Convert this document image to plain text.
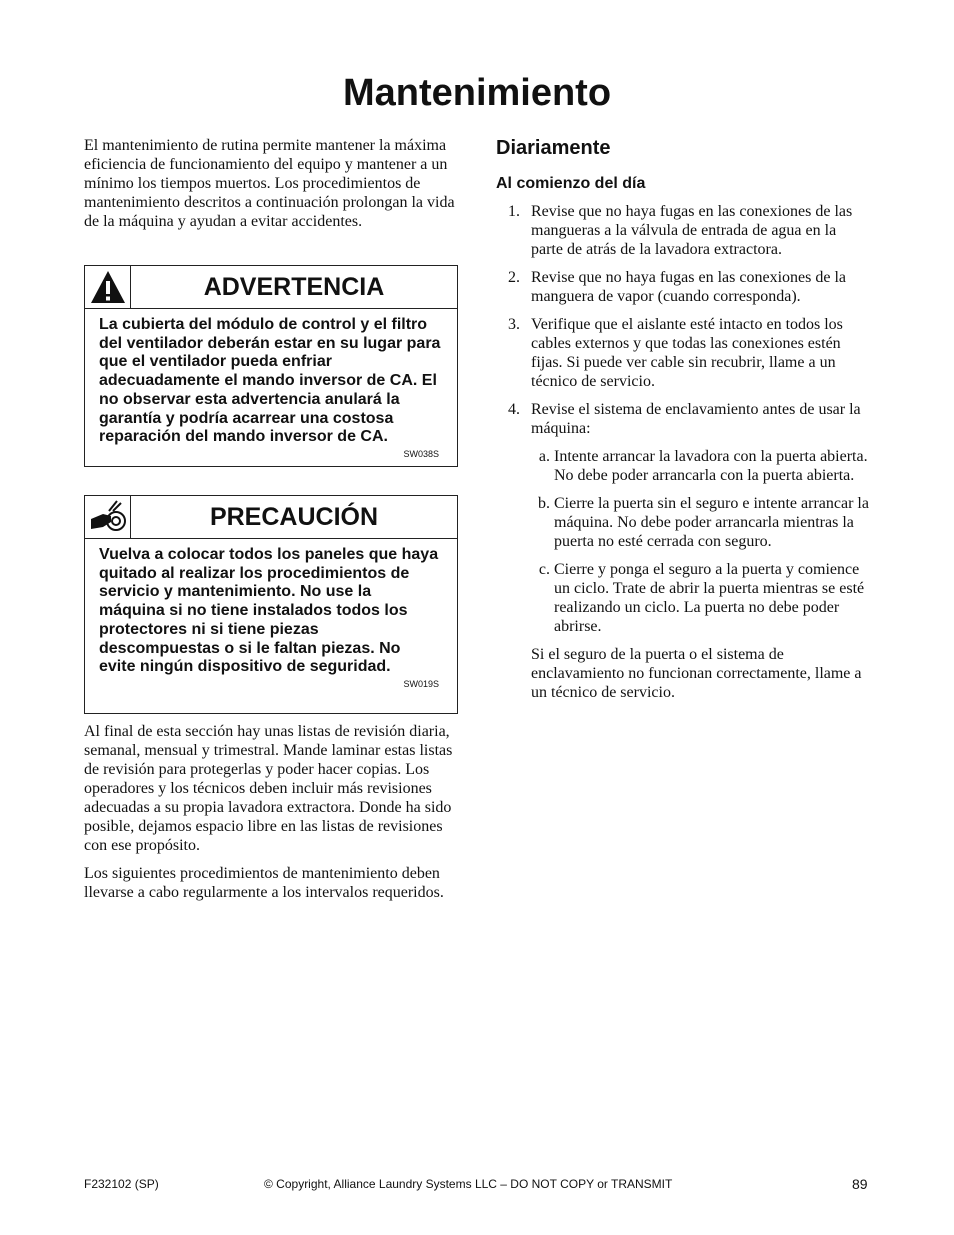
Mantenimiento

El mantenimiento de rutina permite mantener la máxima eficiencia de funcionamiento del equipo y mantener a un mínimo los tiempos muertos. Los procedimientos de mantenimiento descritos a continuación prolongan la vida de la máquina y ayudan a evitar accidentes.

ADVERTENCIA
La cubierta del módulo de control y el filtro del ventilador deberán estar en su lugar para que el ventilador pueda enfriar adecuadamente el mando inversor de CA. El no observar esta advertencia anulará la garantía y podría acarrear una costosa reparación del mando inversor de CA.
SW038S
PRECAUCIÓN
Vuelva a colocar todos los paneles que haya quitado al realizar los procedimientos de servicio y mantenimiento. No use la máquina si no tiene instalados todos los protectores ni si tiene piezas descompuestas o si le faltan piezas. No evite ningún dispositivo de seguridad.
SW019S

Al final de esta sección hay unas listas de revisión diaria, semanal, mensual y trimestral. Mande laminar estas listas de revisión para protegerlas y poder hacer copias. Los operadores y los técnicos deben incluir más revisiones adecuadas a su propia lavadora extractora. Donde ha sido posible, dejamos espacio libre en las listas de revisiones con ese propósito.

Los siguientes procedimientos de mantenimiento deben llevarse a cabo regularmente a los intervalos requeridos.

Diariamente
Al comienzo del día
1. Revise que no haya fugas en las conexiones de las mangueras a la válvula de entrada de agua en la parte de atrás de la lavadora extractora.
2. Revise que no haya fugas en las conexiones de la manguera de vapor (cuando corresponda).
3. Verifique que el aislante esté intacto en todos los cables externos y que todas las conexiones estén fijas. Si puede ver cable sin recubrir, llame a un técnico de servicio.
4. Revise el sistema de enclavamiento antes de usar la máquina:
a. Intente arrancar la lavadora con la puerta abierta. No debe poder arrancarla con la puerta abierta.
b. Cierre la puerta sin el seguro e intente arrancar la máquina. No debe poder arrancarla mientras la puerta no esté cerrada con seguro.
c. Cierre y ponga el seguro a la puerta y comience un ciclo. Trate de abrir la puerta mientras se esté realizando un ciclo. La puerta no debe poder abrirse.

Si el seguro de la puerta o el sistema de enclavamiento no funcionan correctamente, llame a un técnico de servicio.

F232102 (SP)	© Copyright, Alliance Laundry Systems LLC – DO NOT COPY or TRANSMIT	89
